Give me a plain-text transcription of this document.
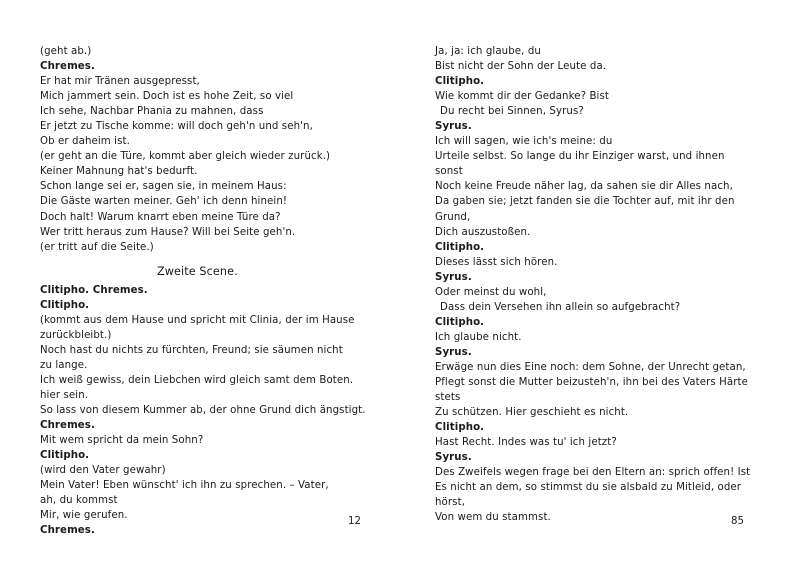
(geht ab.)
Chremes.
Er hat mir Tränen ausgepresst,
Mich jammert sein. Doch ist es hohe Zeit, so viel
Ich sehe, Nachbar Phania zu mahnen, dass
Er jetzt zu Tische komme: will doch geh'n und seh'n,
Ob er daheim ist.
(er geht an die Türe, kommt aber gleich wieder zurück.)
Keiner Mahnung hat's bedurft.
Schon lange sei er, sagen sie, in meinem Haus:
Die Gäste warten meiner. Geh' ich denn hinein!
Doch halt! Warum knarrt eben meine Türe da?
Wer tritt heraus zum Hause? Will bei Seite geh'n.
(er tritt auf die Seite.)
Zweite Scene.
Clitipho. Chremes.
Clitipho.
(kommt aus dem Hause und spricht mit Clinia, der im Hause
zurückbleibt.)
Noch hast du nichts zu fürchten, Freund; sie säumen nicht
zu lange.
Ich weiß gewiss, dein Liebchen wird gleich samt dem Boten.
hier sein.
So lass von diesem Kummer ab, der ohne Grund dich ängstigt.
Chremes.
Mit wem spricht da mein Sohn?
Clitipho.
(wird den Vater gewahr)
Mein Vater! Eben wünscht' ich ihn zu sprechen. – Vater,
ah, du kommst
Mir, wie gerufen.
Chremes.
Ja, ja: ich glaube, du
Bist nicht der Sohn der Leute da.
Clitipho.
Wie kommt dir der Gedanke? Bist
Du recht bei Sinnen, Syrus?
Syrus.
Ich will sagen, wie ich's meine: du
Urteile selbst. So lange du ihr Einziger warst, und ihnen
sonst
Noch keine Freude näher lag, da sahen sie dir Alles nach,
Da gaben sie; jetzt fanden sie die Tochter auf, mit ihr den
Grund,
Dich auszustoßen.
Clitipho.
Dieses lässt sich hören.
Syrus.
Oder meinst du wohl,
Dass dein Versehen ihn allein so aufgebracht?
Clitipho.
Ich glaube nicht.
Syrus.
Erwäge nun dies Eine noch: dem Sohne, der Unrecht getan,
Pflegt sonst die Mutter beizusteh'n, ihn bei des Vaters Härte
stets
Zu schützen. Hier geschieht es nicht.
Clitipho.
Hast Recht. Indes was tu' ich jetzt?
Syrus.
Des Zweifels wegen frage bei den Eltern an: sprich offen! Ist
Es nicht an dem, so stimmst du sie alsbald zu Mitleid, oder
hörst,
Von wem du stammst.
12	85
